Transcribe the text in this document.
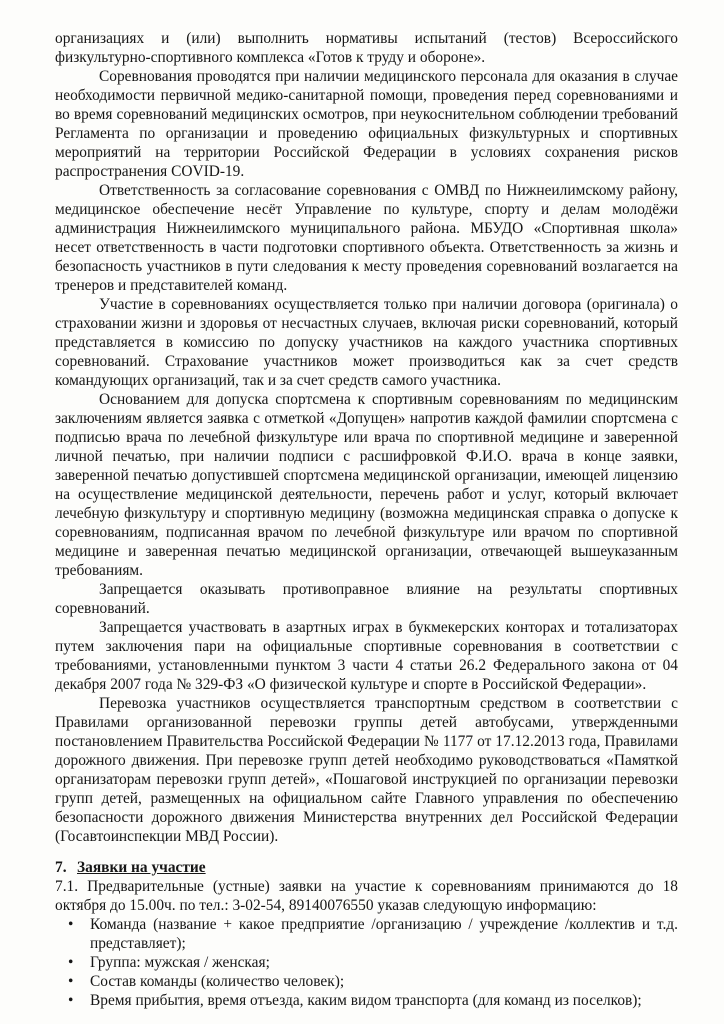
организациях и (или) выполнить нормативы испытаний (тестов) Всероссийского физкультурно-спортивного комплекса «Готов к труду и обороне».

Соревнования проводятся при наличии медицинского персонала для оказания в случае необходимости первичной медико-санитарной помощи, проведения перед соревнованиями и во время соревнований медицинских осмотров, при неукоснительном соблюдении требований Регламента по организации и проведению официальных физкультурных и спортивных мероприятий на территории Российской Федерации в условиях сохранения рисков распространения COVID-19.

Ответственность за согласование соревнования с ОМВД по Нижнеилимскому району, медицинское обеспечение несёт Управление по культуре, спорту и делам молодёжи администрация Нижнеилимского муниципального района. МБУДО «Спортивная школа» несет ответственность в части подготовки спортивного объекта. Ответственность за жизнь и безопасность участников в пути следования к месту проведения соревнований возлагается на тренеров и представителей команд.

Участие в соревнованиях осуществляется только при наличии договора (оригинала) о страховании жизни и здоровья от несчастных случаев, включая риски соревнований, который представляется в комиссию по допуску участников на каждого участника спортивных соревнований. Страхование участников может производиться как за счет средств командующих организаций, так и за счет средств самого участника.

Основанием для допуска спортсмена к спортивным соревнованиям по медицинским заключениям является заявка с отметкой «Допущен» напротив каждой фамилии спортсмена с подписью врача по лечебной физкультуре или врача по спортивной медицине и заверенной личной печатью, при наличии подписи с расшифровкой Ф.И.О. врача в конце заявки, заверенной печатью допустившей спортсмена медицинской организации, имеющей лицензию на осуществление медицинской деятельности, перечень работ и услуг, который включает лечебную физкультуру и спортивную медицину (возможна медицинская справка о допуске к соревнованиям, подписанная врачом по лечебной физкультуре или врачом по спортивной медицине и заверенная печатью медицинской организации, отвечающей вышеуказанным требованиям.

Запрещается оказывать противоправное влияние на результаты спортивных соревнований.

Запрещается участвовать в азартных играх в букмекерских конторах и тотализаторах путем заключения пари на официальные спортивные соревнования в соответствии с требованиями, установленными пунктом 3 части 4 статьи 26.2 Федерального закона от 04 декабря 2007 года № 329-ФЗ «О физической культуре и спорте в Российской Федерации».

Перевозка участников осуществляется транспортным средством в соответствии с Правилами организованной перевозки группы детей автобусами, утвержденными постановлением Правительства Российской Федерации № 1177 от 17.12.2013 года, Правилами дорожного движения. При перевозке групп детей необходимо руководствоваться «Памяткой организаторам перевозки групп детей», «Пошаговой инструкцией по организации перевозки групп детей, размещенных на официальном сайте Главного управления по обеспечению безопасности дорожного движения Министерства внутренних дел Российской Федерации (Госавтоинспекции МВД России).

7. Заявки на участие

7.1. Предварительные (устные) заявки на участие к соревнованиям принимаются до 18 октября до 15.00ч. по тел.: 3-02-54, 89140076550 указав следующую информацию:

• Команда (название + какое предприятие /организацию / учреждение /коллектив и т.д. представляет);
• Группа: мужская / женская;
• Состав команды (количество человек);
• Время прибытия, время отъезда, каким видом транспорта (для команд из поселков);
